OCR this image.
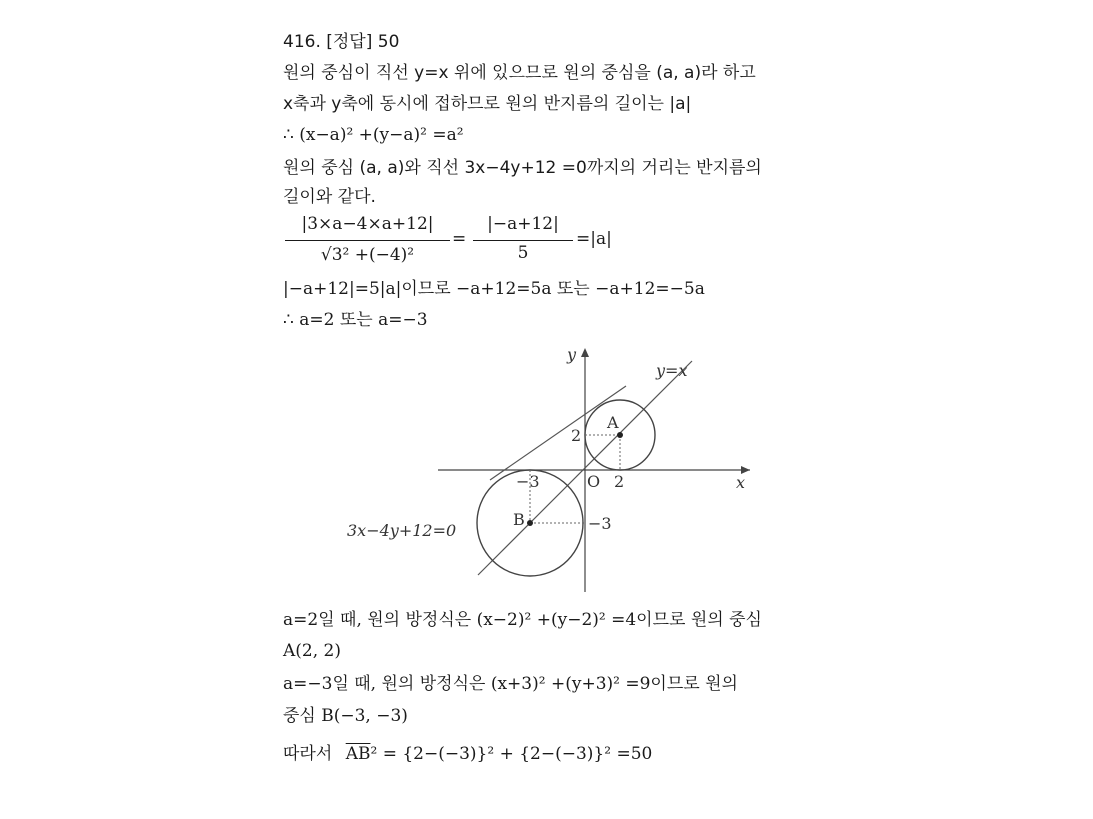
416. [정답] 50
원의 중심이 직선 y=x 위에 있으므로 원의 중심을 (a, a)라 하고
x축과 y축에 동시에 접하므로 원의 반지름의 길이는 |a|
∴ (x−a)² +(y−a)² =a²
원의 중심 (a, a)와 직선 3x−4y+12 =0까지의 거리는 반지름의
길이와 같다.
|3×a−4×a+12|
√3² +(−4)²
=
|−a+12|
5
=|a|
|−a+12|=5|a|이므로 −a+12=5a 또는 −a+12=−5a
∴ a=2 또는 a=−3
y
x
y=x
A
B
O
2
2
−3
−3
3x−4y+12=0
a=2일 때, 원의 방정식은 (x−2)² +(y−2)² =4이므로 원의 중심
A(2, 2)
a=−3일 때, 원의 방정식은 (x+3)² +(y+3)² =9이므로 원의
중심 B(−3, −3)
따라서 $\overline{AB}^2 = \{2-(-3)\}^2 + \{2-(-3)\}^2 =50$
